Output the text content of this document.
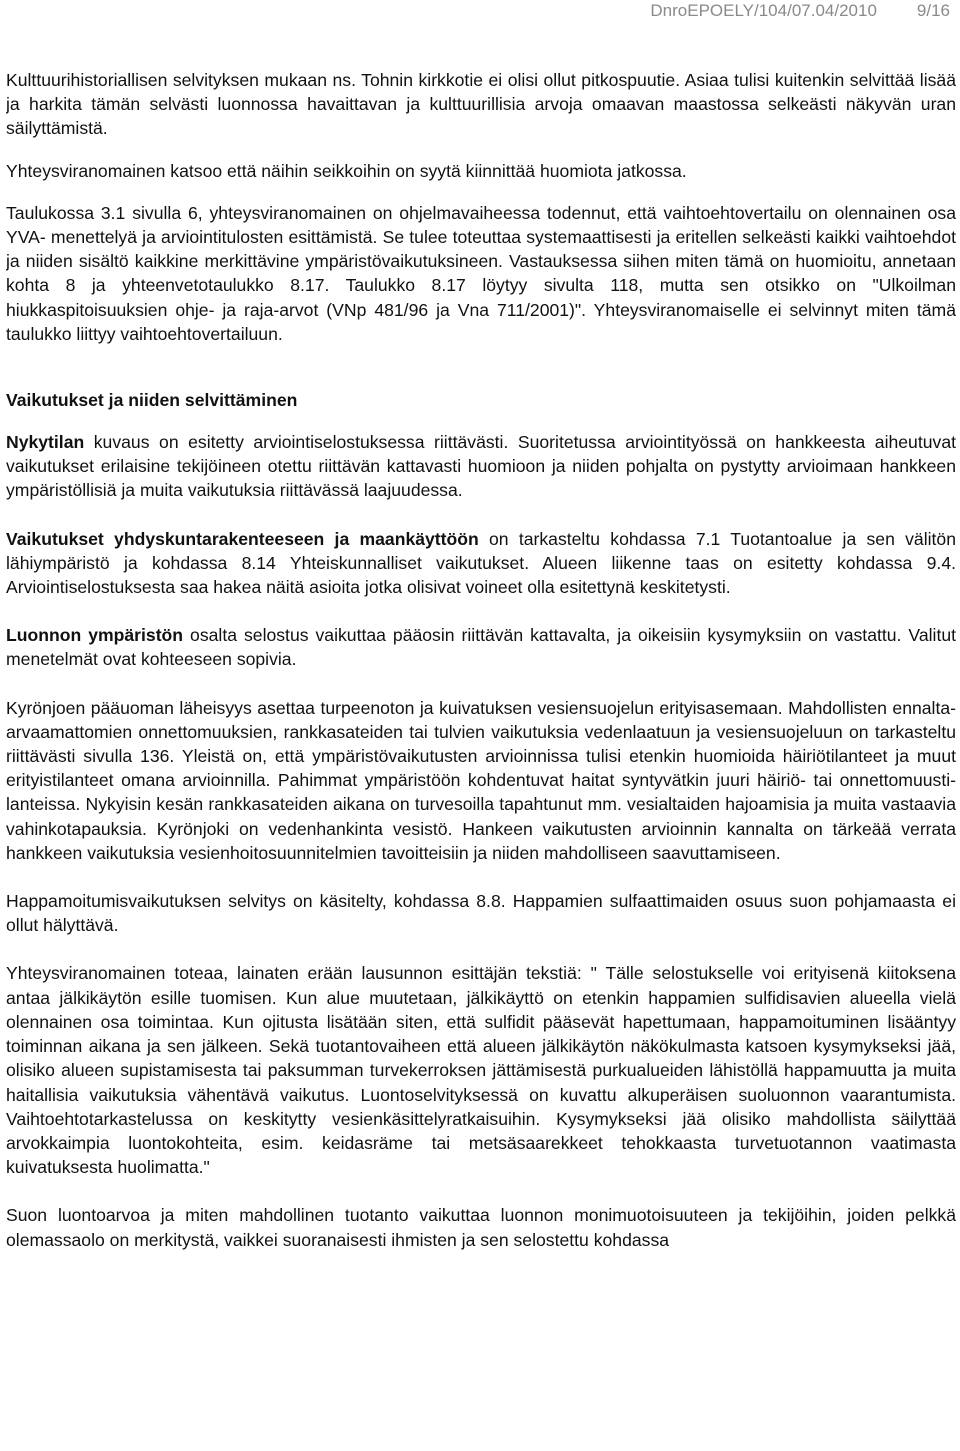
DnroEPOELY/104/07.04/2010 9/16

Kulttuurihistoriallisen selvityksen mukaan ns. Tohnin kirkkotie ei olisi ollut pitkospuutie. Asiaa tulisi kuitenkin selvittää lisää ja harkita tämän selvästi luonnossa havaittavan ja kulttuurillisia arvoja omaavan maastossa selkeästi näkyvän uran säilyttämistä.

Yhteysviranomainen katsoo että näihin seikkoihin on syytä kiinnittää huomiota jatkossa.

Taulukossa 3.1 sivulla 6, yhteysviranomainen on ohjelmavaiheessa todennut, että vaihtoehtovertailu on olennainen osa YVA- menettelyä ja arviointitulosten esittämistä. Se tulee toteuttaa systemaattisesti ja eritellen selkeästi kaikki vaihtoehdot ja niiden sisältö kaikkine merkittävine ympäristövaikutuksineen. Vastauksessa siihen miten tämä on huomioitu, annetaan kohta 8 ja yhteenvetotaulukko 8.17. Taulukko 8.17 löytyy sivulta 118, mutta sen otsikko on "Ulkoilman hiukkaspitoisuuksien ohje- ja raja-arvot (VNp 481/96 ja Vna 711/2001)". Yhteysviranomaiselle ei selvinnyt miten tämä taulukko liittyy vaihtoehtovertailuun.

Vaikutukset ja niiden selvittäminen

Nykytilan kuvaus on esitetty arviointiselostuksessa riittävästi. Suoritetussa arviointityössä on hankkeesta aiheutuvat vaikutukset erilaisine tekijöineen otettu riittävän kattavasti huomioon ja niiden pohjalta on pystytty arvioimaan hankkeen ympäristöllisiä ja muita vaikutuksia riittävässä laajuudessa.

Vaikutukset yhdyskuntarakenteeseen ja maankäyttöön on tarkasteltu kohdassa 7.1 Tuotantoalue ja sen välitön lähiympäristö ja kohdassa 8.14 Yhteiskunnalliset vaikutukset. Alueen liikenne taas on esitetty kohdassa 9.4. Arviointiselostuksesta saa hakea näitä asioita jotka olisivat voineet olla esitettynä keskitetysti.

Luonnon ympäristön osalta selostus vaikuttaa pääosin riittävän kattavalta, ja oikeisiin kysymyksiin on vastattu. Valitut menetelmät ovat kohteeseen sopivia.

Kyrönjoen pääuoman läheisyys asettaa turpeenoton ja kuivatuksen vesiensuojelun erityisasemaan. Mahdollisten ennalta-arvaamattomien onnettomuuksien, rankkasateiden tai tulvien vaikutuksia vedenlaatuun ja vesiensuojeluun on tarkasteltu riittävästi sivulla 136. Yleistä on, että ympäristövaikutusten arvioinnissa tulisi etenkin huomioida häiriötilanteet ja muut erityistilanteet omana arvioinnilla. Pahimmat ympäristöön kohdentuvat haitat syntyvätkin juuri häiriö- tai onnettomuustilanteissa. Nykyisin kesän rankkasateiden aikana on turvesoilla tapahtunut mm. vesialtaiden hajoamisia ja muita vastaavia vahinkotapauksia. Kyrönjoki on vedenhankinta vesistö. Hankeen vaikutusten arvioinnin kannalta on tärkeää verrata hankkeen vaikutuksia vesienhoitosuunnitelmien tavoitteisiin ja niiden mahdolliseen saavuttamiseen.

Happamoitumisvaikutuksen selvitys on käsitelty, kohdassa 8.8. Happamien sulfaattimaiden osuus suon pohjamaasta ei ollut hälyttävä.

Yhteysviranomainen toteaa, lainaten erään lausunnon esittäjän tekstiä: " Tälle selostukselle voi erityisenä kiitoksena antaa jälkikäytön esille tuomisen. Kun alue muutetaan, jälkikäyttö on etenkin happamien sulfidisavien alueella vielä olennainen osa toimintaa. Kun ojitusta lisätään siten, että sulfidit pääsevät hapettumaan, happamoituminen lisääntyy toiminnan aikana ja sen jälkeen. Sekä tuotantovaiheen että alueen jälkikäytön näkökulmasta katsoen kysymykseksi jää, olisiko alueen supistamisesta tai paksumman turvekerroksen jättämisestä purkualueiden lähistöllä happamuutta ja muita haitallisia vaikutuksia vähentävä vaikutus. Luontoselvityksessä on kuvattu alkuperäisen suoluonnon vaarantumista. Vaihtoehtotarkastelussa on keskitytty vesienkäsittelyratkaisuihin. Kysymykseksi jää olisiko mahdollista säilyttää arvokkaimpia luontokohteita, esim. keidasräme tai metsäsaarekkeet tehokkaasta turvetuotannon vaatimasta kuivatuksesta huolimatta."

Suon luontoarvoa ja miten mahdollinen tuotanto vaikuttaa luonnon monimuotoisuuteen ja tekijöihin, joiden pelkkä olemassaolo on merkitystä, vaikkei suoranaisesti ihmisten ja sen selostettu kohdassa
